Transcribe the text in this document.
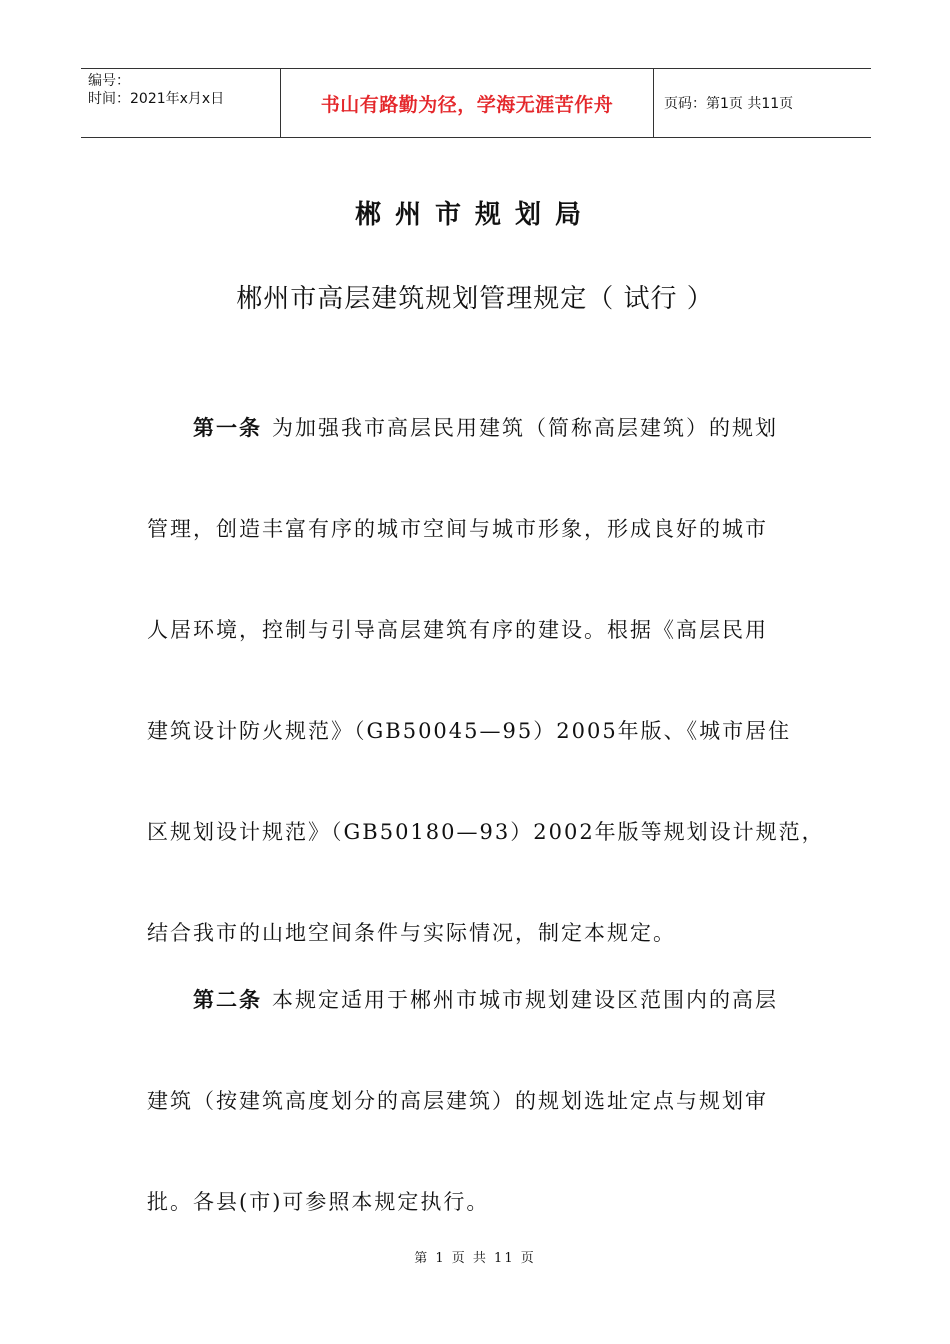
编号：
时间：2021年x月x日	书山有路勤为径，学海无涯苦作舟	页码：第1页 共11页
郴州市规划局
郴州市高层建筑规划管理规定（ 试行 ）
第一条 为加强我市高层民用建筑（简称高层建筑）的规划
管理，创造丰富有序的城市空间与城市形象，形成良好的城市
人居环境，控制与引导高层建筑有序的建设。根据《高层民用
建筑设计防火规范》（GB50045—95）2005年版、《城市居住
区规划设计规范》（GB50180—93）2002年版等规划设计规范，
结合我市的山地空间条件与实际情况，制定本规定。
第二条 本规定适用于郴州市城市规划建设区范围内的高层
建筑（按建筑高度划分的高层建筑）的规划选址定点与规划审
批。各县(市)可参照本规定执行。
第 1 页 共 11 页
